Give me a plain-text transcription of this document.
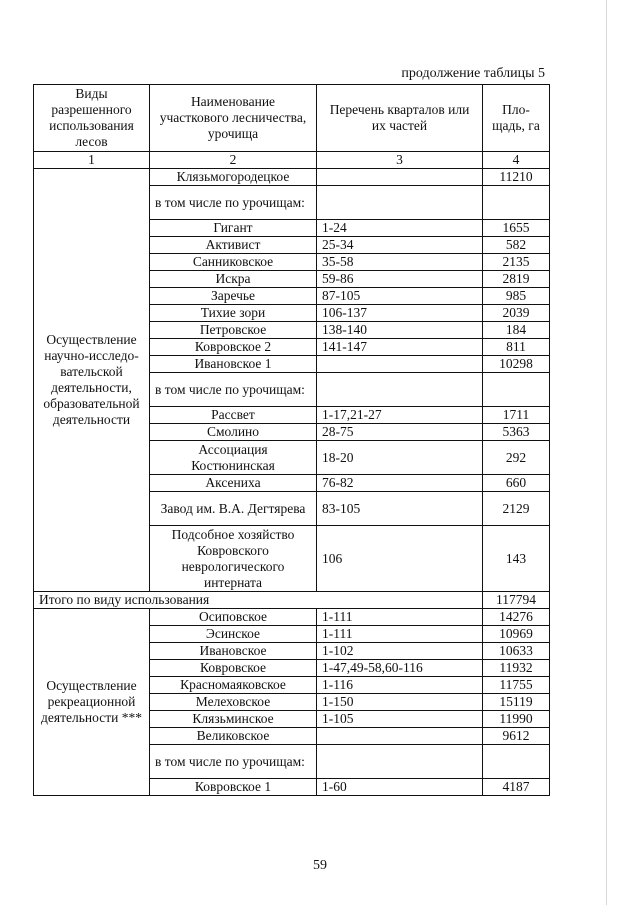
продолжение таблицы 5
Виды разрешенного использования лесов	Наименование участкового лесничества, урочища	Перечень кварталов или их частей	Пло-щадь, га
1	2	3	4
Осуществление научно-исследо-вательской деятельности, образовательной деятельности	Клязьмогородецкое		11210
	в том числе по урочищам:		
	Гигант	1-24	1655
	Активист	25-34	582
	Санниковское	35-58	2135
	Искра	59-86	2819
	Заречье	87-105	985
	Тихие зори	106-137	2039
	Петровское	138-140	184
	Ковровское 2	141-147	811
	Ивановское 1		10298
	в том числе по урочищам:		
	Рассвет	1-17,21-27	1711
	Смолино	28-75	5363
	Ассоциация Костюнинская	18-20	292
	Аксениха	76-82	660
	Завод им. В.А. Дегтярева	83-105	2129
	Подсобное хозяйство Ковровского неврологического интерната	106	143
Итого по виду использования			117794
Осуществление рекреационной деятельности ***	Осиповское	1-111	14276
	Эсинское	1-111	10969
	Ивановское	1-102	10633
	Ковровское	1-47,49-58,60-116	11932
	Красномаяковское	1-116	11755
	Мелеховское	1-150	15119
	Клязьминское	1-105	11990
	Великовское		9612
	в том числе по урочищам:		
	Ковровское 1	1-60	4187
59
